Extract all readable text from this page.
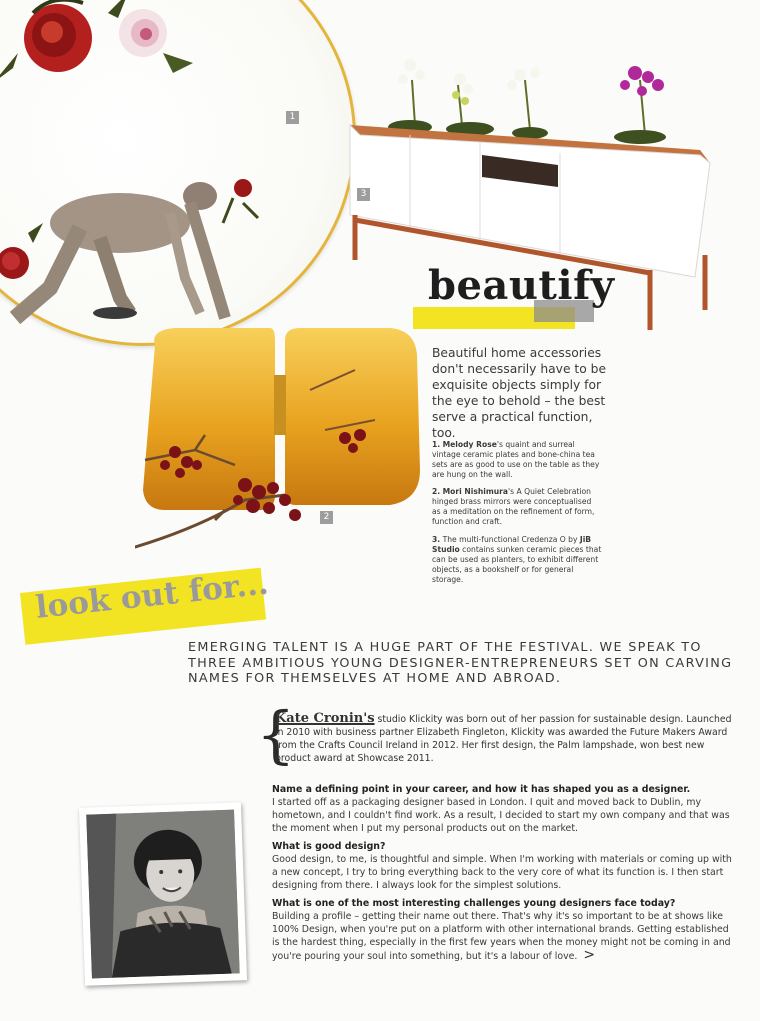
1
3
2
beautify
Beautiful home accessories don't necessarily have to be exquisite objects simply for the eye to behold – the best serve a practical function, too.

1. Melody Rose's quaint and surreal vintage ceramic plates and bone-china tea sets are as good to use on the table as they are hung on the wall.

2. Mori Nishimura's A Quiet Celebration hinged brass mirrors were conceptualised as a meditation on the refinement of form, function and craft.

3. The multi-functional Credenza O by JiB Studio contains sunken ceramic pieces that can be used as planters, to exhibit different objects, as a bookshelf or for general storage.

look out for...
EMERGING TALENT IS A HUGE PART OF THE FESTIVAL. WE SPEAK TO THREE AMBITIOUS YOUNG DESIGNER-ENTREPRENEURS SET ON CARVING NAMES FOR THEMSELVES AT HOME AND ABROAD.
{
Kate Cronin's studio Klickity was born out of her passion for sustainable design. Launched in 2010 with business partner Elizabeth Fingleton, Klickity was awarded the Future Makers Award from the Crafts Council Ireland in 2012. Her first design, the Palm lampshade, won best new product award at Showcase 2011.

Name a defining point in your career, and how it has shaped you as a designer.

I started off as a packaging designer based in London. I quit and moved back to Dublin, my hometown, and I couldn't find work. As a result, I decided to start my own company and that was the moment when I put my personal products out on the market.

What is good design?

Good design, to me, is thoughtful and simple. When I'm working with materials or coming up with a new concept, I try to bring everything back to the very core of what its function is. I then start designing from there. I always look for the simplest solutions.

What is one of the most interesting challenges young designers face today?

Building a profile – getting their name out there. That's why it's so important to be at shows like 100% Design, when you're put on a platform with other international brands. Getting established is the hardest thing, especially in the first few years when the money might not be coming in and you're pouring your soul into something, but it's a labour of love. >
